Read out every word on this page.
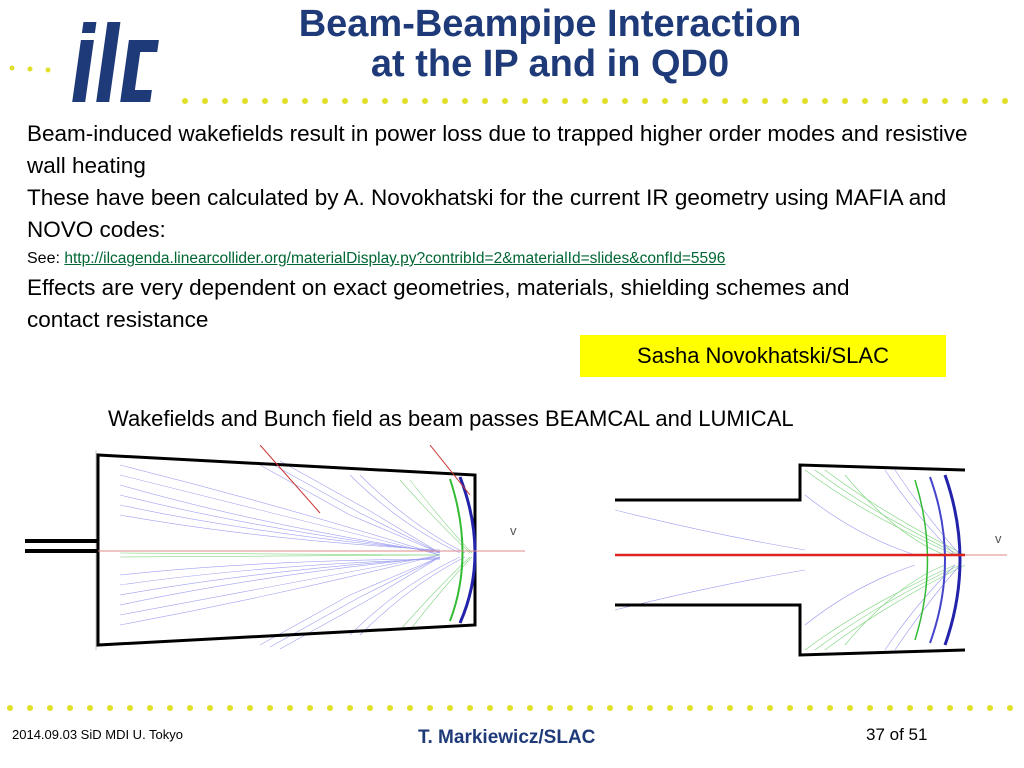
Beam-Beampipe Interaction
at the IP and in QD0
Beam-induced wakefields result in power loss due to trapped higher order modes and resistive wall heating
These have been calculated by A. Novokhatski for the current IR geometry using MAFIA and NOVO codes:
See: http://ilcagenda.linearcollider.org/materialDisplay.py?contribId=2&materialId=slides&confId=5596
Effects are very dependent on exact geometries, materials, shielding schemes and contact resistance
Sasha Novokhatski/SLAC
Wakefields and Bunch field as beam passes BEAMCAL and LUMICAL
v
v
2014.09.03 SiD MDI U. Tokyo	T. Markiewicz/SLAC	37 of 51
